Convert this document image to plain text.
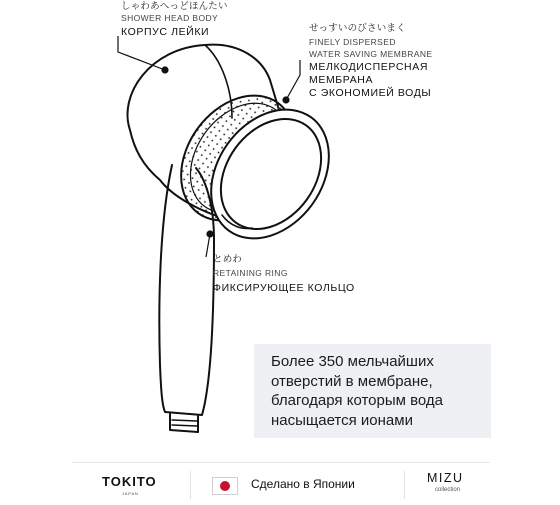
しゃわあへっどほんたい
SHOWER HEAD BODY
КОРПУС ЛЕЙКИ	せっすいのびさいまく
FINELY DISPERSED
WATER SAVING MEMBRANE
МЕЛКОДИСПЕРСНАЯ
МЕМБРАНА
С ЭКОНОМИЕЙ ВОДЫ
とめわ
RETAINING RING
ФИКСИРУЮЩЕЕ КОЛЬЦО
Более 350 мельчайших
отверстий в мембране,
благодаря которым вода
насыщается ионами
TOKITO
JAPAN
Сделано в Японии	MIZU
collection
